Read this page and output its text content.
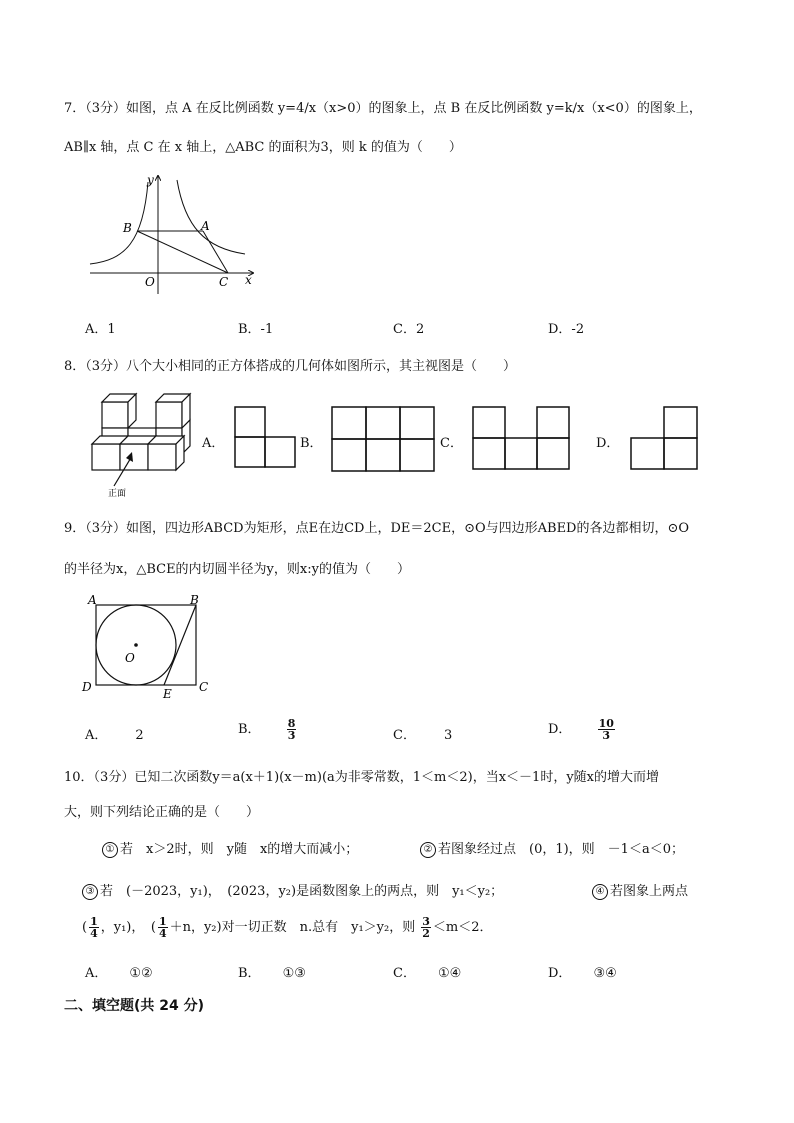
7．（3分）如图，点 A 在反比例函数 y=4/x（x>0）的图象上，点 B 在反比例函数 y=k/x（x<0）的图象上，
AB∥x 轴，点 C 在 x 轴上，△ABC 的面积为3，则 k 的值为（　　）
y
x
B	A
O	C
A．1	B．-1	C．2	D．-2
8．（3分）八个大小相同的正方体搭成的几何体如图所示，其主视图是（　　）
正面
A．	B．	C．	D．
9．（3分）如图，四边形ABCD为矩形，点E在边CD上，DE＝2CE，⊙O与四边形ABED的各边都相切，⊙O
的半径为x，△BCE的内切圆半径为y，则x:y的值为（　　）
A	B
O
D	E C
A． 2	B． $\frac{8}{3}$	C． 3	D． $\frac{10}{3}$
10．（3分）已知二次函数y＝a(x＋1)(x－m)(a为非零常数，1＜m＜2)，当x＜－1时，y随x的增大而增
大，则下列结论正确的是（　　）
① 若　x＞2时，则　y随　x的增大而减小；	② 若图象经过点　(0，1)，则　－1＜a＜0；
③ 若　(－2023，y₁)，　(2023，y₂)是函数图象上的两点，则　y₁＜y₂；	④ 若图象上两点
( $\frac{1}{4}$ ，y₁)，　( $\frac{1}{4} +n$，y₂)对一切正数　n.总有　y₁＞y₂，则 $\frac{3}{2} <m<2$．
A． ①②	B． ①③	C． ①④	D． ③④
二、填空题(共 24 分)
